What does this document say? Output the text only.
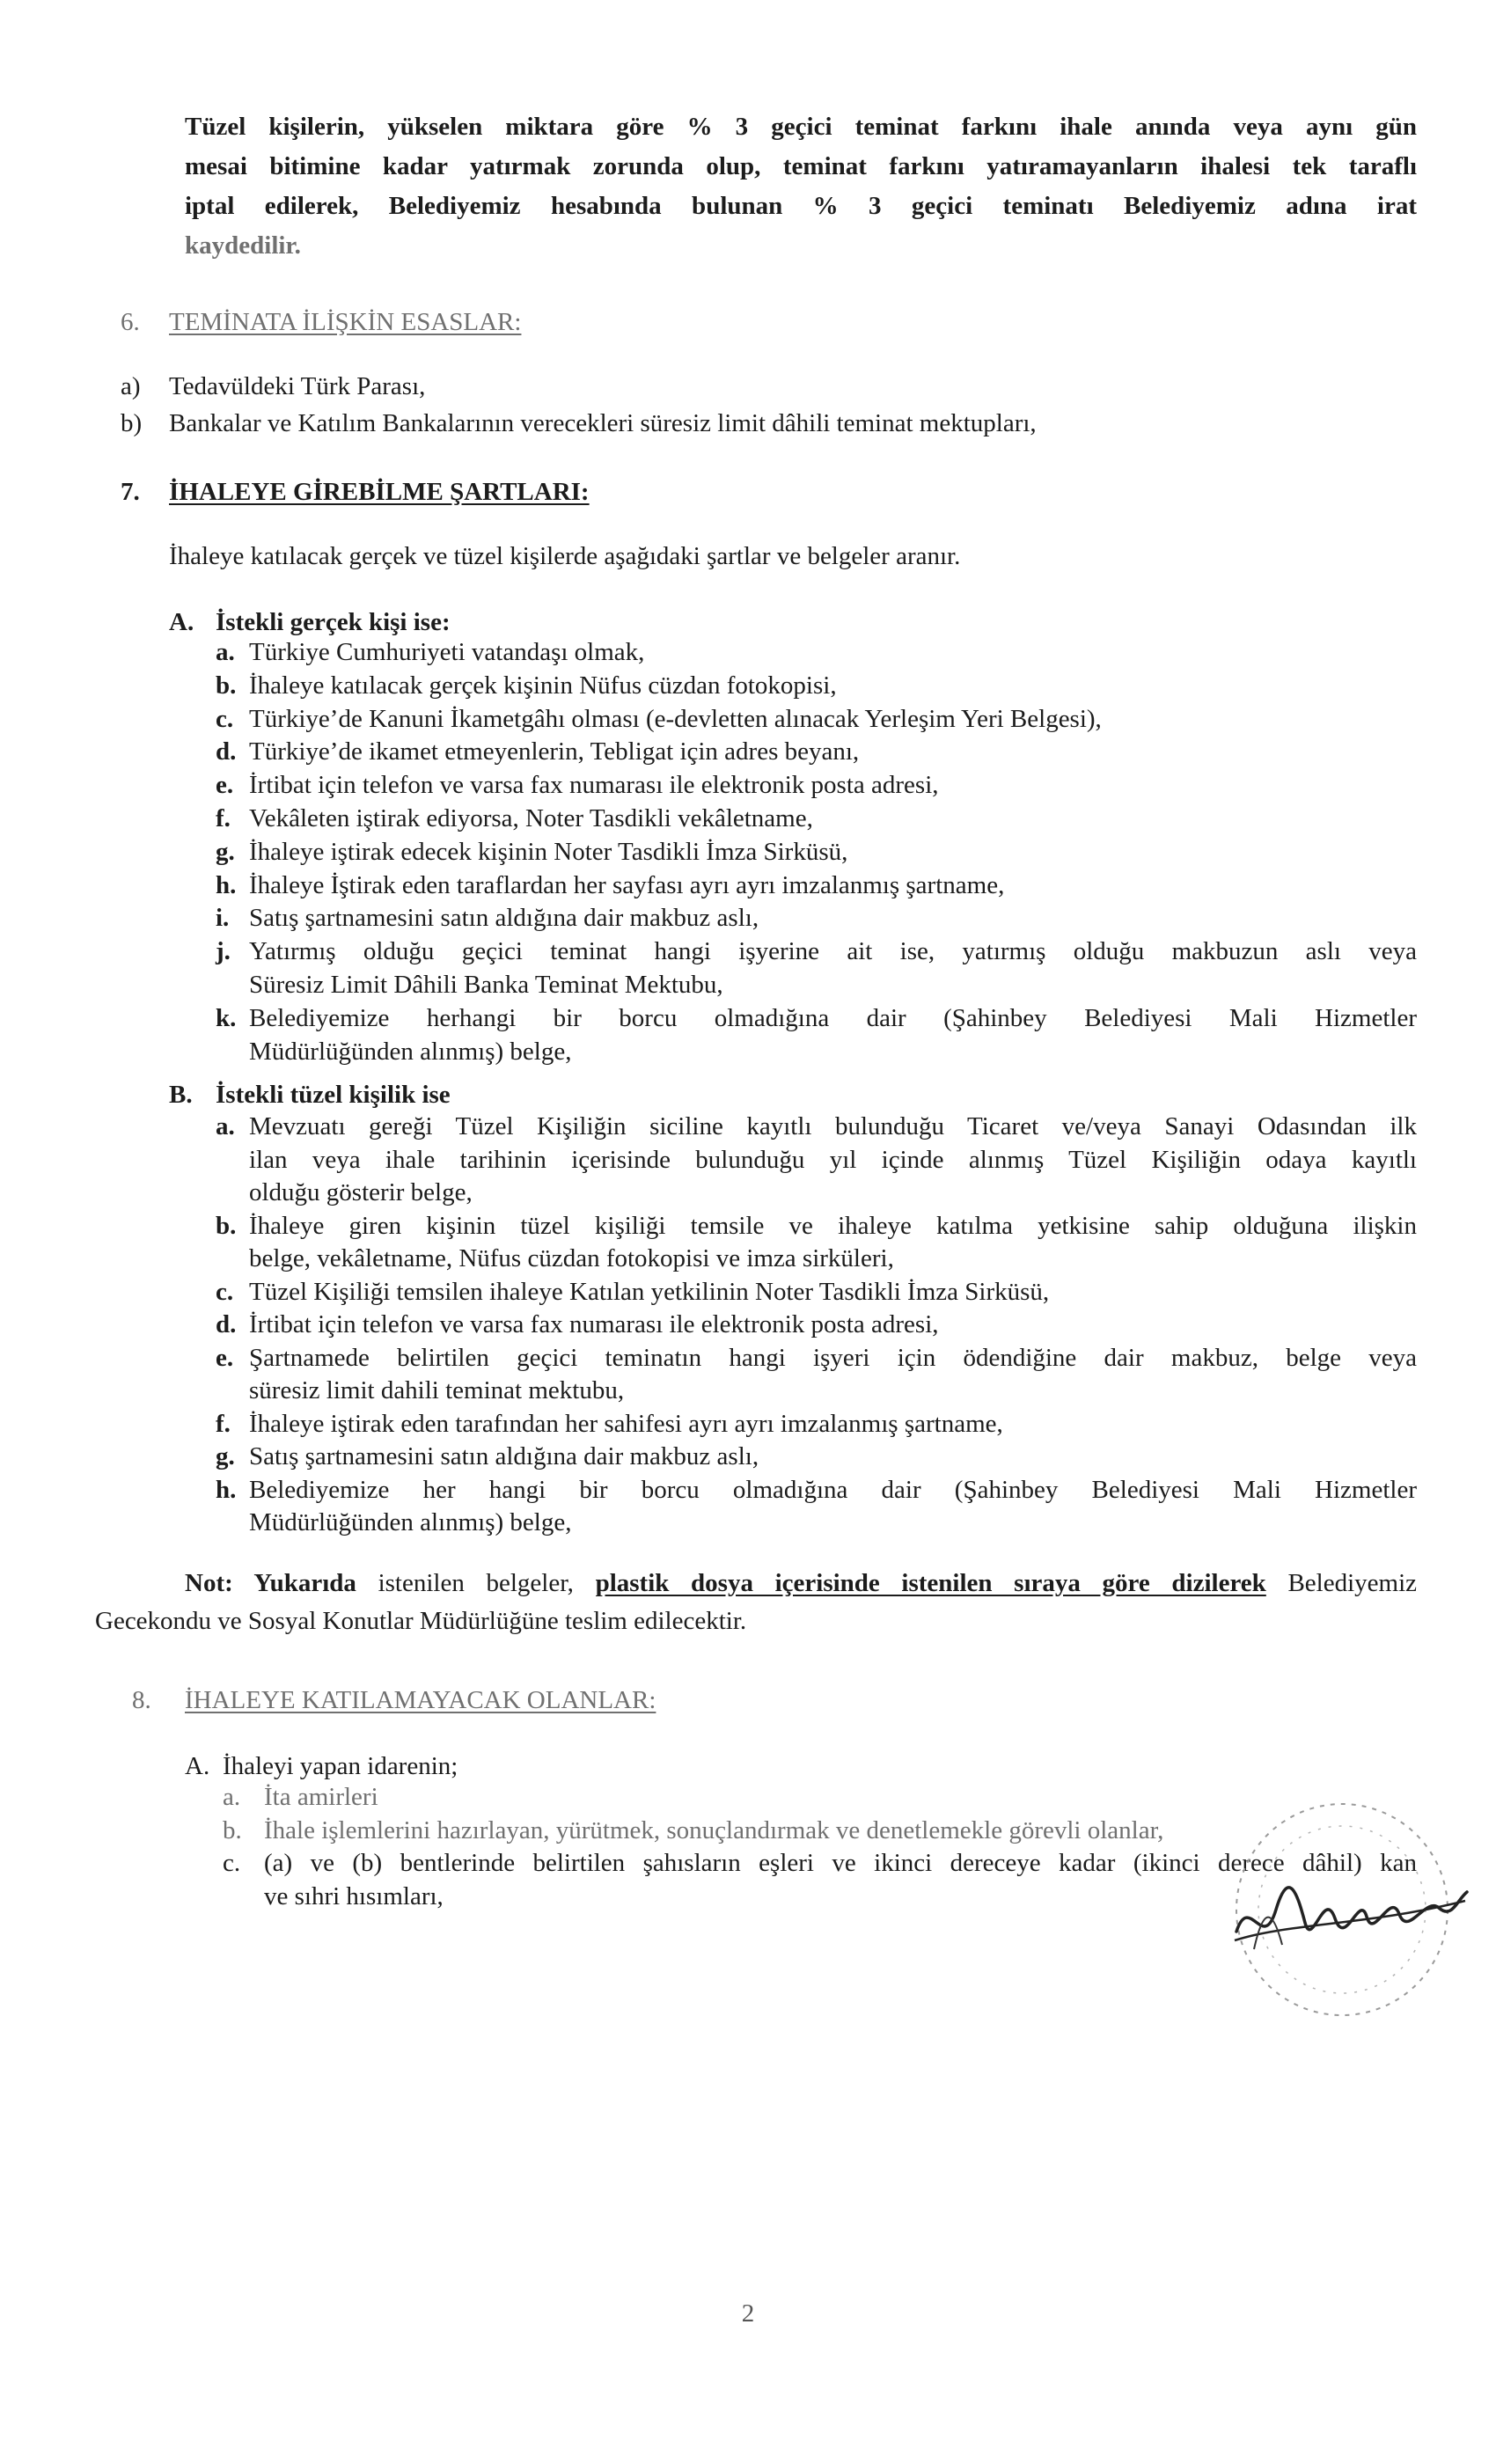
Tüzel kişilerin, yükselen miktara göre % 3 geçici teminat farkını ihale anında veya aynı gün
mesai bitimine kadar yatırmak zorunda olup, teminat farkını yatıramayanların ihalesi tek taraflı
iptal edilerek, Belediyemiz hesabında bulunan % 3 geçici teminatı Belediyemiz adına irat
kaydedilir.
6. TEMİNATA İLİŞKİN ESASLAR:
a) Tedavüldeki Türk Parası,
b) Bankalar ve Katılım Bankalarının verecekleri süresiz limit dâhili teminat mektupları,
7. İHALEYE GİREBİLME ŞARTLARI:
İhaleye katılacak gerçek ve tüzel kişilerde aşağıdaki şartlar ve belgeler aranır.
A. İstekli gerçek kişi ise:
a. Türkiye Cumhuriyeti vatandaşı olmak,
b. İhaleye katılacak gerçek kişinin Nüfus cüzdan fotokopisi,
c. Türkiye’de Kanuni İkametgâhı olması (e-devletten alınacak Yerleşim Yeri Belgesi),
d. Türkiye’de ikamet etmeyenlerin, Tebligat için adres beyanı,
e. İrtibat için telefon ve varsa fax numarası ile elektronik posta adresi,
f. Vekâleten iştirak ediyorsa, Noter Tasdikli vekâletname,
g. İhaleye iştirak edecek kişinin Noter Tasdikli İmza Sirküsü,
h. İhaleye İştirak eden taraflardan her sayfası ayrı ayrı imzalanmış şartname,
i. Satış şartnamesini satın aldığına dair makbuz aslı,
j. Yatırmış olduğu geçici teminat hangi işyerine ait ise, yatırmış olduğu makbuzun aslı veya
Süresiz Limit Dâhili Banka Teminat Mektubu,
k. Belediyemize herhangi bir borcu olmadığına dair (Şahinbey Belediyesi Mali Hizmetler
Müdürlüğünden alınmış) belge,
B. İstekli tüzel kişilik ise
a. Mevzuatı gereği Tüzel Kişiliğin siciline kayıtlı bulunduğu Ticaret ve/veya Sanayi Odasından ilk
ilan veya ihale tarihinin içerisinde bulunduğu yıl içinde alınmış Tüzel Kişiliğin odaya kayıtlı
olduğu gösterir belge,
b. İhaleye giren kişinin tüzel kişiliği temsile ve ihaleye katılma yetkisine sahip olduğuna ilişkin
belge, vekâletname, Nüfus cüzdan fotokopisi ve imza sirküleri,
c. Tüzel Kişiliği temsilen ihaleye Katılan yetkilinin Noter Tasdikli İmza Sirküsü,
d. İrtibat için telefon ve varsa fax numarası ile elektronik posta adresi,
e. Şartnamede belirtilen geçici teminatın hangi işyeri için ödendiğine dair makbuz, belge veya
süresiz limit dahili teminat mektubu,
f. İhaleye iştirak eden tarafından her sahifesi ayrı ayrı imzalanmış şartname,
g. Satış şartnamesini satın aldığına dair makbuz aslı,
h. Belediyemize her hangi bir borcu olmadığına dair (Şahinbey Belediyesi Mali Hizmetler
Müdürlüğünden alınmış) belge,
Not: Yukarıda istenilen belgeler, plastik dosya içerisinde istenilen sıraya göre dizilerek Belediyemiz
Gecekondu ve Sosyal Konutlar Müdürlüğüne teslim edilecektir.
8. İHALEYE KATILAMAYACAK OLANLAR:
A. İhaleyi yapan idarenin;
a. İta amirleri
b. İhale işlemlerini hazırlayan, yürütmek, sonuçlandırmak ve denetlemekle görevli olanlar,
c. (a) ve (b) bentlerinde belirtilen şahısların eşleri ve ikinci dereceye kadar (ikinci derece dâhil) kan
ve sıhri hısımları,
2
